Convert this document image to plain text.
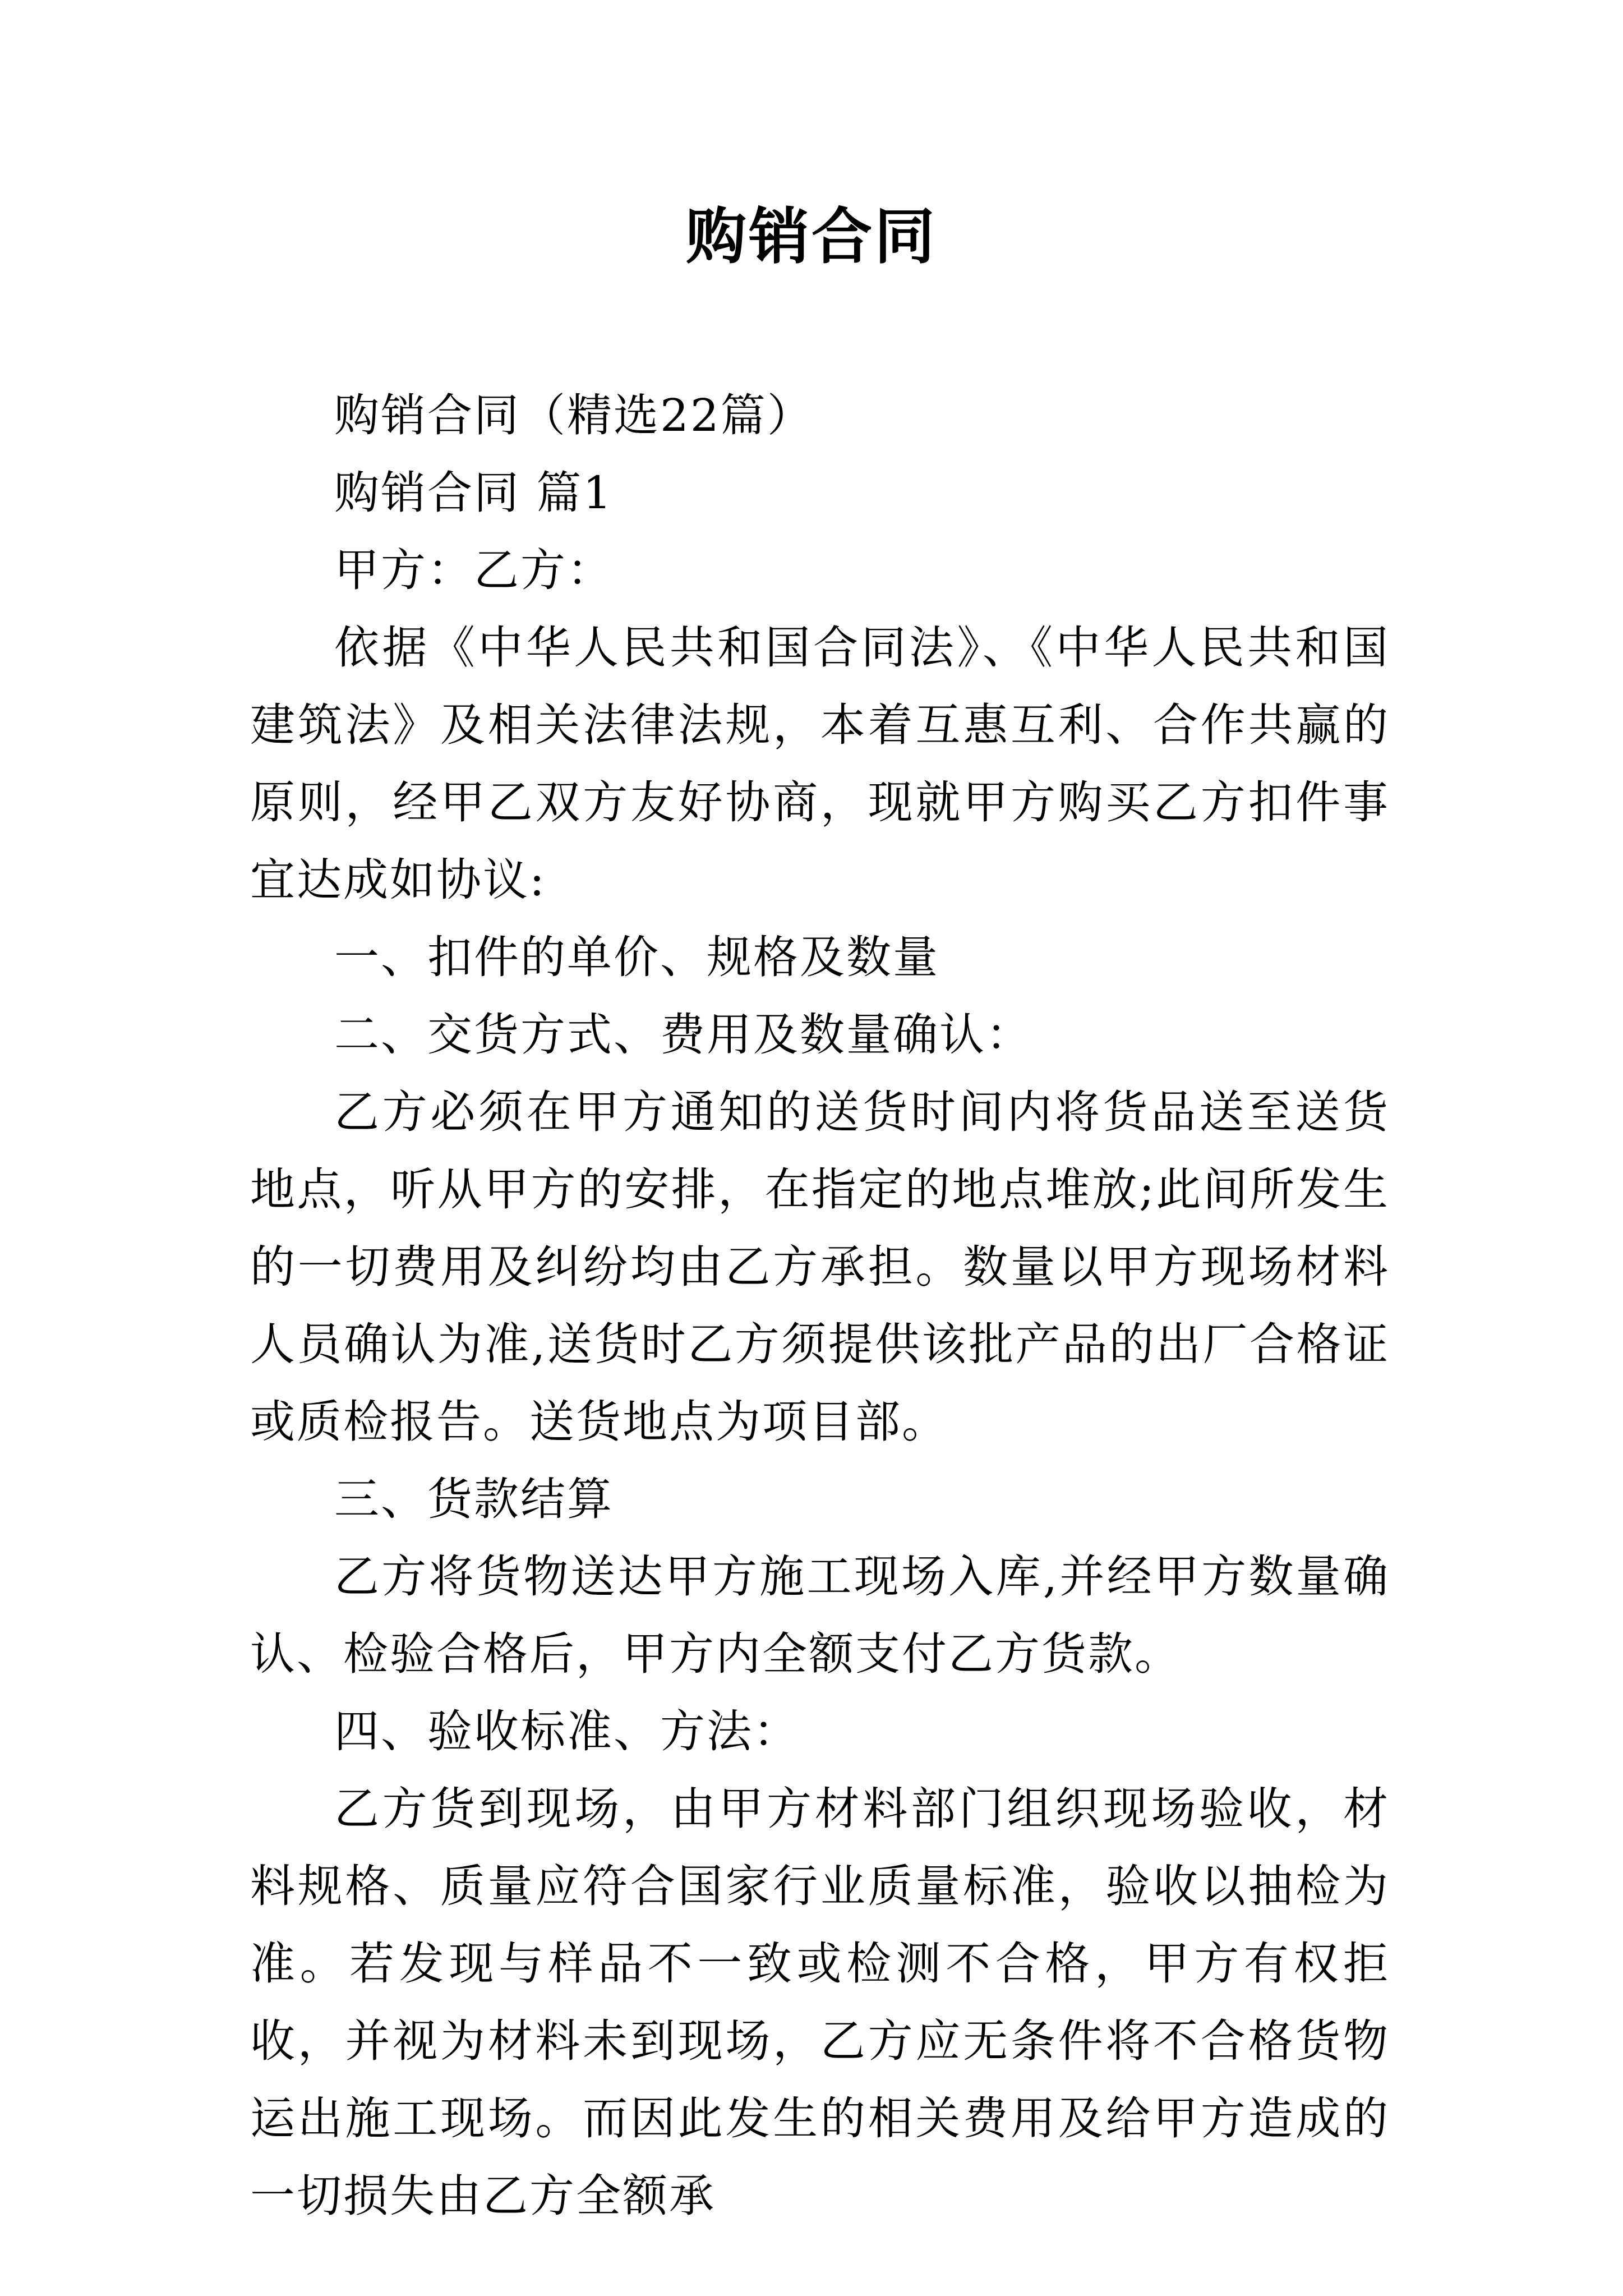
购销合同

购销合同（精选22篇）

购销合同 篇1

甲方：乙方：

依据《中华人民共和国合同法》、《中华人民共和国建筑法》及相关法律法规，本着互惠互利、合作共赢的原则，经甲乙双方友好协商，现就甲方购买乙方扣件事宜达成如协议:

一、扣件的单价、规格及数量

二、交货方式、费用及数量确认：

乙方必须在甲方通知的送货时间内将货品送至送货地点，听从甲方的安排，在指定的地点堆放;此间所发生的一切费用及纠纷均由乙方承担。数量以甲方现场材料人员确认为准,送货时乙方须提供该批产品的出厂合格证或质检报告。送货地点为项目部。

三、货款结算

乙方将货物送达甲方施工现场入库,并经甲方数量确认、检验合格后，甲方内全额支付乙方货款。

四、验收标准、方法：

乙方货到现场，由甲方材料部门组织现场验收，材料规格、质量应符合国家行业质量标准，验收以抽检为准。若发现与样品不一致或检测不合格，甲方有权拒收，并视为材料未到现场，乙方应无条件将不合格货物运出施工现场。而因此发生的相关费用及给甲方造成的一切损失由乙方全额承
